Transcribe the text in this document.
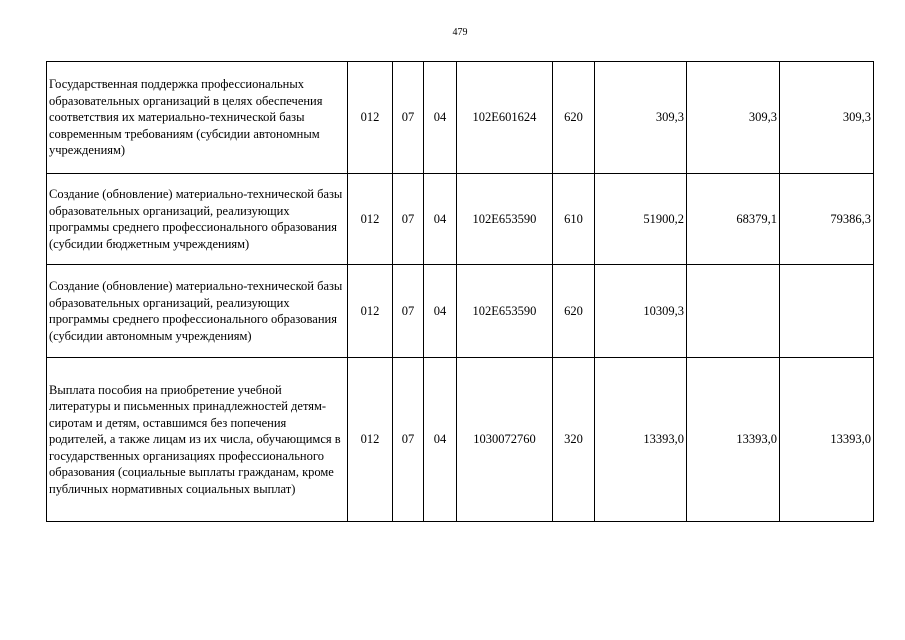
479
Государственная поддержка профессиональных образовательных организаций в целях обеспечения соответствия их материально-технической базы современным требованиям (субсидии автономным учреждениям)	012	07	04	102E601624	620	309,3	309,3	309,3
Создание (обновление) материально-технической базы образовательных организаций, реализующих программы среднего профессионального образования (субсидии бюджетным учреждениям)	012	07	04	102E653590	610	51900,2	68379,1	79386,3
Создание (обновление) материально-технической базы образовательных организаций, реализующих программы среднего профессионального образования (субсидии автономным учреждениям)	012	07	04	102E653590	620	10309,3		
Выплата пособия на приобретение учебной литературы и письменных принадлежностей детям-сиротам и детям, оставшимся без попечения родителей, а также лицам из их числа, обучающимся в государственных организациях профессионального образования (социальные выплаты гражданам, кроме публичных нормативных социальных выплат)	012	07	04	1030072760	320	13393,0	13393,0	13393,0
